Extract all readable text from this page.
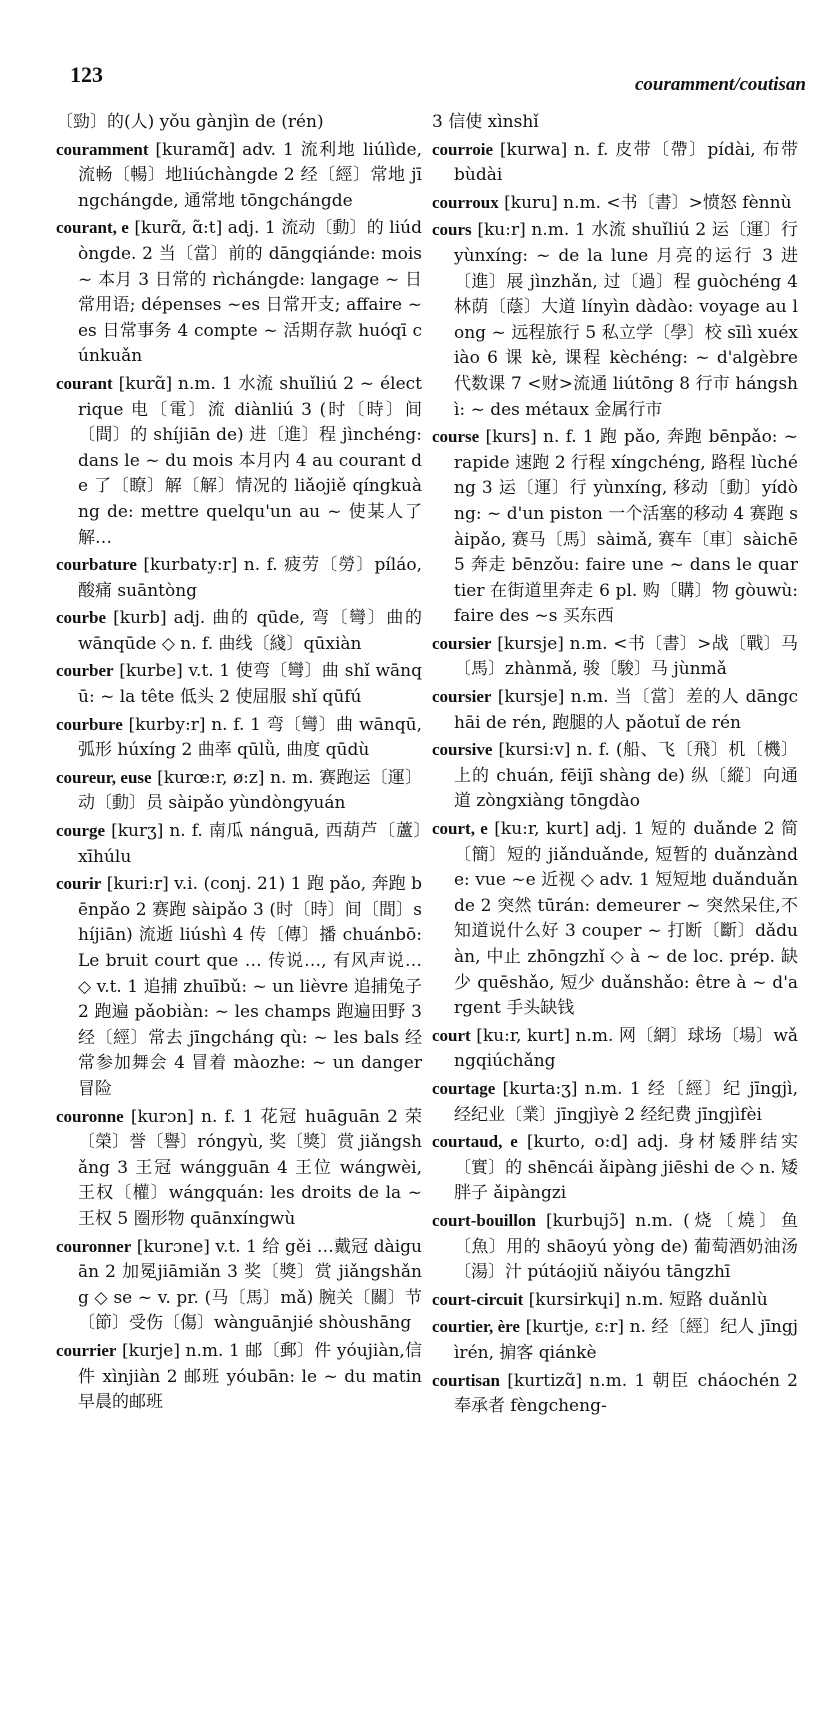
123	couramment/coutisan
〔勁〕的(人) yǒu gànjìn de (rén)
couramment [kuramɑ̃] adv. 1 流利地 liúlìde, 流畅〔暢〕地liúchàngde 2 经〔經〕常地 jīngchángde, 通常地 tōngchángde
courant, e [kurɑ̃, ɑ̃:t] adj. 1 流动〔動〕的 liúdòngde. 2 当〔當〕前的 dāngqiánde: mois ~ 本月 3 日常的 rìchángde: langage ~ 日常用语; dépenses ~es 日常开支; affaire ~es 日常事务 4 compte ~ 活期存款 huóqī cúnkuǎn
courant [kurɑ̃] n.m. 1 水流 shuǐliú 2 ~ électrique 电〔電〕流 diànliú 3 (时〔時〕间〔間〕的 shíjiān de) 进〔進〕程 jìnchéng: dans le ~ du mois 本月内 4 au courant de 了〔瞭〕解〔解〕情况的 liǎojiě qíngkuàng de: mettre quelqu'un au ~ 使某人了解…
courbature [kurbaty:r] n. f. 疲劳〔勞〕píláo, 酸痛 suāntòng
courbe [kurb] adj. 曲的 qūde, 弯〔彎〕曲的 wānqūde ◇ n. f. 曲线〔綫〕qūxiàn
courber [kurbe] v.t. 1 使弯〔彎〕曲 shǐ wānqū: ~ la tête 低头 2 使屈服 shǐ qūfú
courbure [kurby:r] n. f. 1 弯〔彎〕曲 wānqū, 弧形 húxíng 2 曲率 qūlǜ, 曲度 qūdù
coureur, euse [kurœ:r, ø:z] n. m. 赛跑运〔運〕动〔動〕员 sàipǎo yùndòngyuán
courge [kurʒ] n. f. 南瓜 nánguā, 西葫芦〔蘆〕xīhúlu
courir [kuri:r] v.i. (conj. 21) 1 跑 pǎo, 奔跑 bēnpǎo 2 赛跑 sàipǎo 3 (时〔時〕间〔間〕shíjiān) 流逝 liúshì 4 传〔傳〕播 chuánbō: Le bruit court que … 传说…, 有风声说… ◇ v.t. 1 追捕 zhuībǔ: ~ un lièvre 追捕兔子 2 跑遍 pǎobiàn: ~ les champs 跑遍田野 3 经〔經〕常去 jīngcháng qù: ~ les bals 经常参加舞会 4 冒着 màozhe: ~ un danger 冒险
couronne [kurɔn] n. f. 1 花冠 huāguān 2 荣〔榮〕誉〔譽〕róngyù, 奖〔獎〕赏 jiǎngshǎng 3 王冠 wángguān 4 王位 wángwèi, 王权〔權〕wángquán: les droits de la ~王权 5 圈形物 quānxíngwù
couronner [kurɔne] v.t. 1 给 gěi …戴冠 dàiguān 2 加冕jiāmiǎn 3 奖〔獎〕赏 jiǎngshǎng ◇ se ~ v. pr. (马〔馬〕mǎ) 腕关〔關〕节〔節〕受伤〔傷〕wànguānjié shòushāng
courrier [kurje] n.m. 1 邮〔郵〕件 yóujiàn,信件 xìnjiàn 2 邮班 yóubān: le ~ du matin 早晨的邮班
3 信使 xìnshǐ
courroie [kurwa] n. f. 皮带〔帶〕pídài, 布带 bùdài
courroux [kuru] n.m. <书〔書〕>愤怒 fènnù
cours [ku:r] n.m. 1 水流 shuǐliú 2 运〔運〕行 yùnxíng: ~ de la lune 月亮的运行 3 进〔進〕展 jìnzhǎn, 过〔過〕程 guòchéng 4 林荫〔蔭〕大道 línyìn dàdào: voyage au long ~ 远程旅行 5 私立学〔學〕校 sīlì xuéxiào 6 课 kè, 课程 kèchéng: ~ d'algèbre 代数课 7 <财>流通 liútōng 8 行市 hángshì: ~ des métaux 金属行市
course [kurs] n. f. 1 跑 pǎo, 奔跑 bēnpǎo: ~ rapide 速跑 2 行程 xíngchéng, 路程 lùchéng 3 运〔運〕行 yùnxíng, 移动〔動〕yídòng: ~ d'un piston 一个活塞的移动 4 赛跑 sàipǎo, 赛马〔馬〕sàimǎ, 赛车〔車〕sàichē 5 奔走 bēnzǒu: faire une ~ dans le quartier 在街道里奔走 6 pl. 购〔購〕物 gòuwù: faire des ~s 买东西
coursier [kursje] n.m. <书〔書〕>战〔戰〕马〔馬〕zhànmǎ, 骏〔駿〕马 jùnmǎ
coursier [kursje] n.m. 当〔當〕差的人 dāngchāi de rén, 跑腿的人 pǎotuǐ de rén
coursive [kursi:v] n. f. (船、飞〔飛〕机〔機〕上的 chuán, fēijī shàng de) 纵〔縱〕向通道 zòngxiàng tōngdào
court, e [ku:r, kurt] adj. 1 短的 duǎnde 2 简〔簡〕短的 jiǎnduǎnde, 短暂的 duǎnzànde: vue ~e 近视 ◇ adv. 1 短短地 duǎnduǎnde 2 突然 tūrán: demeurer ~ 突然呆住,不知道说什么好 3 couper ~ 打断〔斷〕dǎduàn, 中止 zhōngzhǐ ◇ à ~ de loc. prép. 缺少 quēshǎo, 短少 duǎnshǎo: être à ~ d'argent 手头缺钱
court [ku:r, kurt] n.m. 网〔網〕球场〔場〕wǎngqiúchǎng
courtage [kurta:ʒ] n.m. 1 经〔經〕纪 jīngjì, 经纪业〔業〕jīngjìyè 2 经纪费 jīngjìfèi
courtaud, e [kurto, o:d] adj. 身材矮胖结实〔實〕的 shēncái ǎipàng jiēshi de ◇ n. 矮胖子 ǎipàngzi
court-bouillon [kurbujɔ̃] n.m. (烧〔燒〕鱼〔魚〕用的 shāoyú yòng de) 葡萄酒奶油汤〔湯〕汁 pútáojiǔ nǎiyóu tāngzhī
court-circuit [kursirkɥi] n.m. 短路 duǎnlù
courtier, ère [kurtje, ɛ:r] n. 经〔經〕纪人 jīngjìrén, 掮客 qiánkè
courtisan [kurtizɑ̃] n.m. 1 朝臣 cháochén 2 奉承者 fèngcheng-
